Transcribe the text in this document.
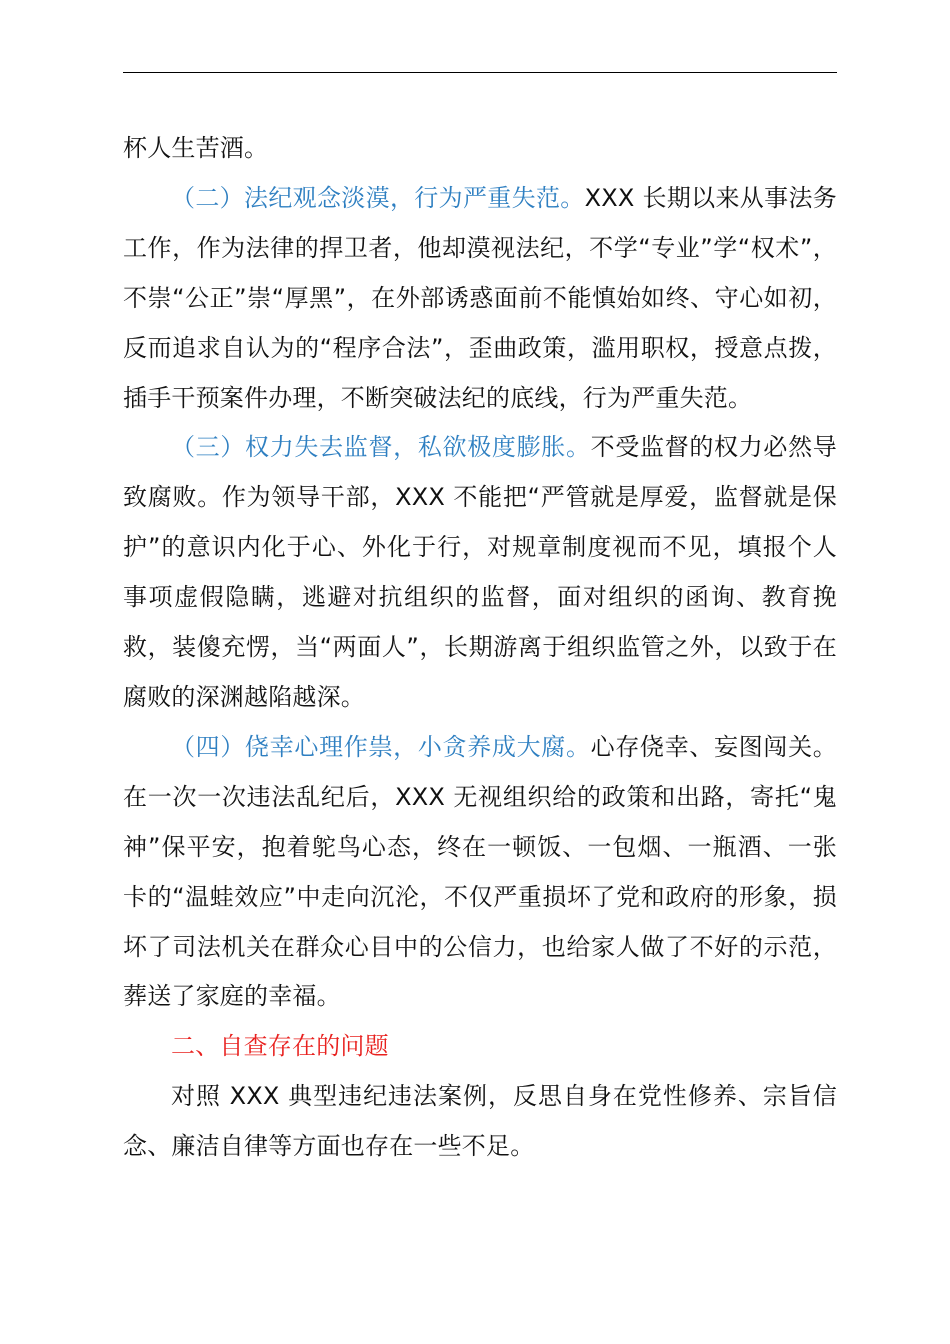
杯人生苦酒。

（二）法纪观念淡漠，行为严重失范。XXX 长期以来从事法务工作，作为法律的捍卫者，他却漠视法纪，不学“专业”学“权术”，不崇“公正”崇“厚黑”，在外部诱惑面前不能慎始如终、守心如初，反而追求自认为的“程序合法”，歪曲政策，滥用职权，授意点拨，插手干预案件办理，不断突破法纪的底线，行为严重失范。

（三）权力失去监督，私欲极度膨胀。不受监督的权力必然导致腐败。作为领导干部，XXX 不能把“严管就是厚爱，监督就是保护”的意识内化于心、外化于行，对规章制度视而不见，填报个人事项虚假隐瞒，逃避对抗组织的监督，面对组织的函询、教育挽救，装傻充愣，当“两面人”，长期游离于组织监管之外，以致于在腐败的深渊越陷越深。

（四）侥幸心理作祟，小贪养成大腐。心存侥幸、妄图闯关。在一次一次违法乱纪后，XXX 无视组织给的政策和出路，寄托“鬼神”保平安，抱着鸵鸟心态，终在一顿饭、一包烟、一瓶酒、一张卡的“温蛙效应”中走向沉沦，不仅严重损坏了党和政府的形象，损坏了司法机关在群众心目中的公信力，也给家人做了不好的示范，葬送了家庭的幸福。

二、自查存在的问题

对照 XXX 典型违纪违法案例，反思自身在党性修养、宗旨信念、廉洁自律等方面也存在一些不足。
